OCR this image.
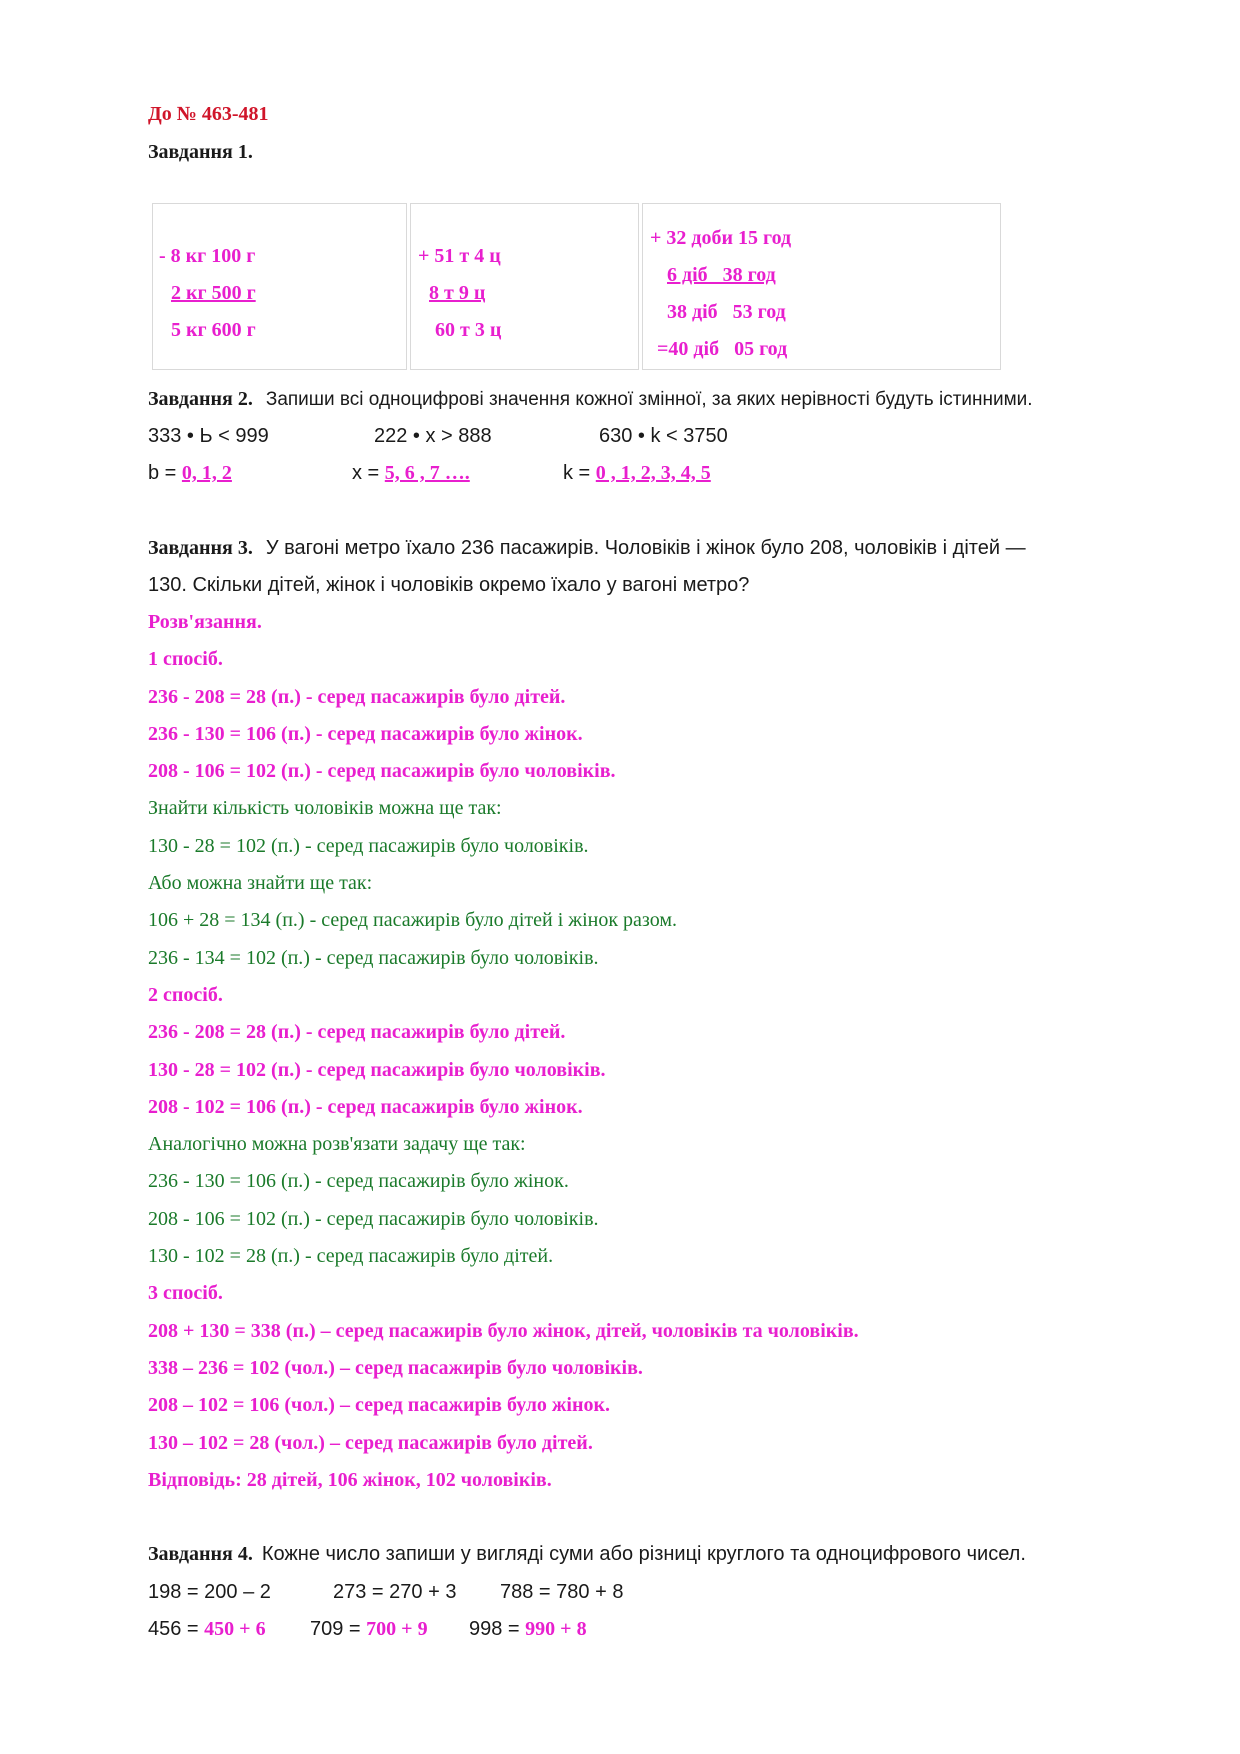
До № 463-481
Завдання 1.
- 8 кг 100 г
2 кг 500 г
5 кг 600 г
+ 51 т 4 ц
8 т 9 ц
60 т 3 ц
+ 32 доби 15 год
6 діб   38 год
38 діб   53 год
=40 діб   05 год
Завдання 2. Запиши всі одноцифрові значення кожної змінної, за яких нерівності будуть істинними.
333 • Ь < 999	222 • х > 888	630 • k < 3750
b = 0, 1, 2	х = 5, 6 , 7 ….	k = 0 , 1, 2, 3, 4, 5
Завдання 3. У вагоні метро їхало 236 пасажирів. Чоловіків і жінок було 208, чоловіків і дітей —
130. Скільки дітей, жінок і чоловіків окремо їхало у вагоні метро?
Розв'язання.
1 спосіб.
236 - 208 = 28 (п.) - серед пасажирів було дітей.
236 - 130 = 106 (п.) - серед пасажирів було жінок.
208 - 106 = 102 (п.) - серед пасажирів було чоловіків.
Знайти кількість чоловіків можна ще так:
130 - 28 = 102 (п.) - серед пасажирів було чоловіків.
Або можна знайти ще так:
106 + 28 = 134 (п.) - серед пасажирів було дітей і жінок разом.
236 - 134 = 102 (п.) - серед пасажирів було чоловіків.
2 спосіб.
236 - 208 = 28 (п.) - серед пасажирів було дітей.
130 - 28 = 102 (п.) - серед пасажирів було чоловіків.
208 - 102 = 106 (п.) - серед пасажирів було жінок.
Аналогічно можна розв'язати задачу ще так:
236 - 130 = 106 (п.) - серед пасажирів було жінок.
208 - 106 = 102 (п.) - серед пасажирів було чоловіків.
130 - 102 = 28 (п.) - серед пасажирів було дітей.
3 спосіб.
208 + 130 = 338 (п.) – серед пасажирів було жінок, дітей, чоловіків та чоловіків.
338 – 236 = 102 (чол.) – серед пасажирів було чоловіків.
208 – 102 = 106 (чол.) – серед пасажирів було жінок.
130 – 102 = 28 (чол.) – серед пасажирів було дітей.
Відповідь: 28 дітей, 106 жінок, 102 чоловіків.
Завдання 4. Кожне число запиши у вигляді суми або різниці круглого та одноцифрового чисел.
198 = 200 – 2	273 = 270 + 3 788 = 780 + 8
456 = 450 + 6 709 = 700 + 9 998 = 990 + 8
